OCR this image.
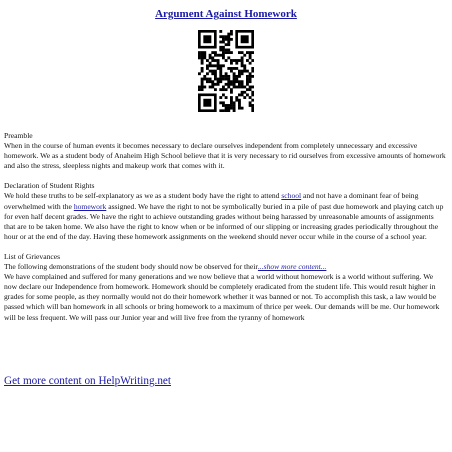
Argument Against Homework

Preamble

When in the course of human events it becomes necessary to declare ourselves independent from completely unnecessary and excessive homework. We as a student body of Anaheim High School believe that it is very necessary to rid ourselves from excessive amounts of homework and also the stress, sleepless nights and makeup work that comes with it.

Declaration of Student Rights

We hold these truths to be self-explanatory as we as a student body have the right to attend school and not have a dominant fear of being overwhelmed with the homework assigned. We have the right to not be symbolically buried in a pile of past due homework and playing catch up for even half decent grades. We have the right to achieve outstanding grades without being harassed by unreasonable amounts of assignments that are to be taken home. We also have the right to know when or be informed of our slipping or increasing grades periodically throughout the hour or at the end of the day. Having these homework assignments on the weekend should never occur while in the course of a school year.

List of Grievances

The following demonstrations of the student body should now be observed for their...show more content...

We have complained and suffered for many generations and we now believe that a world without homework is a world without suffering. We now declare our Independence from homework. Homework should be completely eradicated from the student life. This would result higher in grades for some people, as they normally would not do their homework whether it was banned or not. To accomplish this task, a law would be passed which will ban homework in all schools or bring homework to a maximum of thrice per week. Our demands will be me. Our homework will be less frequent. We will pass our Junior year and will live free from the tyranny of homework

Get more content on HelpWriting.net
